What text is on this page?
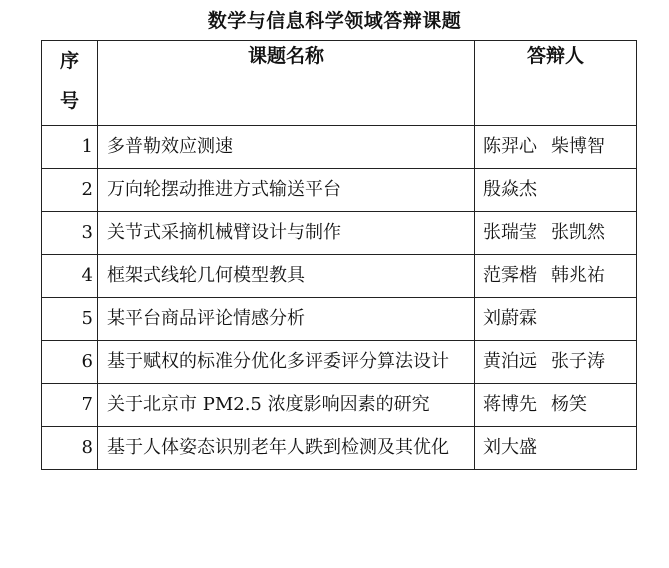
数学与信息科学领域答辩课题
序
号	课题名称	答辩人
1	多普勒效应测速	陈羿心 柴博智
2	万向轮摆动推进方式输送平台	殷焱杰
3	关节式采摘机械臂设计与制作	张瑞莹 张凯然
4	框架式线轮几何模型教具	范霁楷 韩兆祐
5	某平台商品评论情感分析	刘蔚霖
6	基于赋权的标准分优化多评委评分算法设计	黄泊远 张子涛
7	关于北京市 PM2.5 浓度影响因素的研究	蒋博先 杨笑
8	基于人体姿态识别老年人跌到检测及其优化	刘大盛
